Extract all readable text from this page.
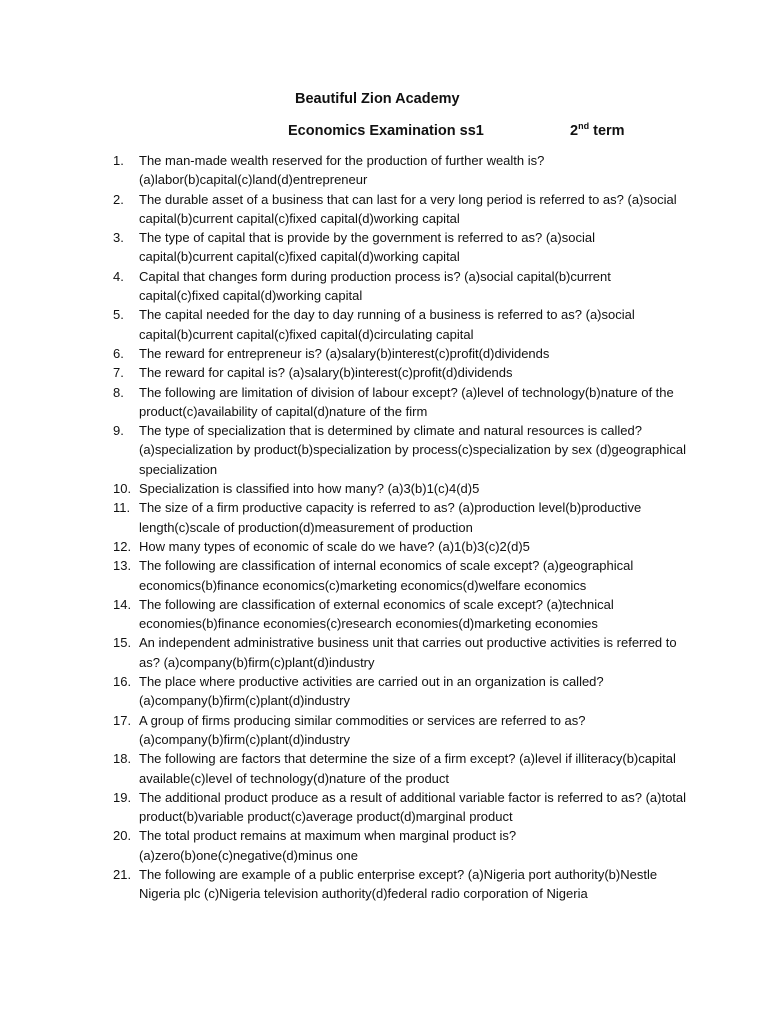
Beautiful Zion Academy
Economics Examination ss1	2nd term
1. The man-made wealth reserved for the production of further wealth is? (a)labor(b)capital(c)land(d)entrepreneur
2. The durable asset of a business that can last for a very long period is referred to as? (a)social capital(b)current capital(c)fixed capital(d)working capital
3. The type of capital that is provide by the government is referred to as? (a)social capital(b)current capital(c)fixed capital(d)working capital
4. Capital that changes form during production process is? (a)social capital(b)current capital(c)fixed capital(d)working capital
5. The capital needed for the day to day running of a business is referred to as? (a)social capital(b)current capital(c)fixed capital(d)circulating capital
6. The reward for entrepreneur is? (a)salary(b)interest(c)profit(d)dividends
7. The reward for capital is? (a)salary(b)interest(c)profit(d)dividends
8. The following are limitation of division of labour except? (a)level of technology(b)nature of the product(c)availability of capital(d)nature of the firm
9. The type of specialization that is determined by climate and natural resources is called? (a)specialization by product(b)specialization by process(c)specialization by sex (d)geographical specialization
10. Specialization is classified into how many? (a)3(b)1(c)4(d)5
11. The size of a firm productive capacity is referred to as? (a)production level(b)productive length(c)scale of production(d)measurement of production
12. How many types of economic of scale do we have? (a)1(b)3(c)2(d)5
13. The following are classification of internal economics of scale except? (a)geographical economics(b)finance economics(c)marketing economics(d)welfare economics
14. The following are classification of external economics of scale except? (a)technical economies(b)finance economies(c)research economies(d)marketing economies
15. An independent administrative business unit that carries out productive activities is referred to as? (a)company(b)firm(c)plant(d)industry
16. The place where productive activities are carried out in an organization is called? (a)company(b)firm(c)plant(d)industry
17. A group of firms producing similar commodities or services are referred to as? (a)company(b)firm(c)plant(d)industry
18. The following are factors that determine the size of a firm except? (a)level if illiteracy(b)capital available(c)level of technology(d)nature of the product
19. The additional product produce as a result of additional variable factor is referred to as? (a)total product(b)variable product(c)average product(d)marginal product
20. The total product remains at maximum when marginal product is? (a)zero(b)one(c)negative(d)minus one
21. The following are example of a public enterprise except? (a)Nigeria port authority(b)Nestle Nigeria plc (c)Nigeria television authority(d)federal radio corporation of Nigeria
